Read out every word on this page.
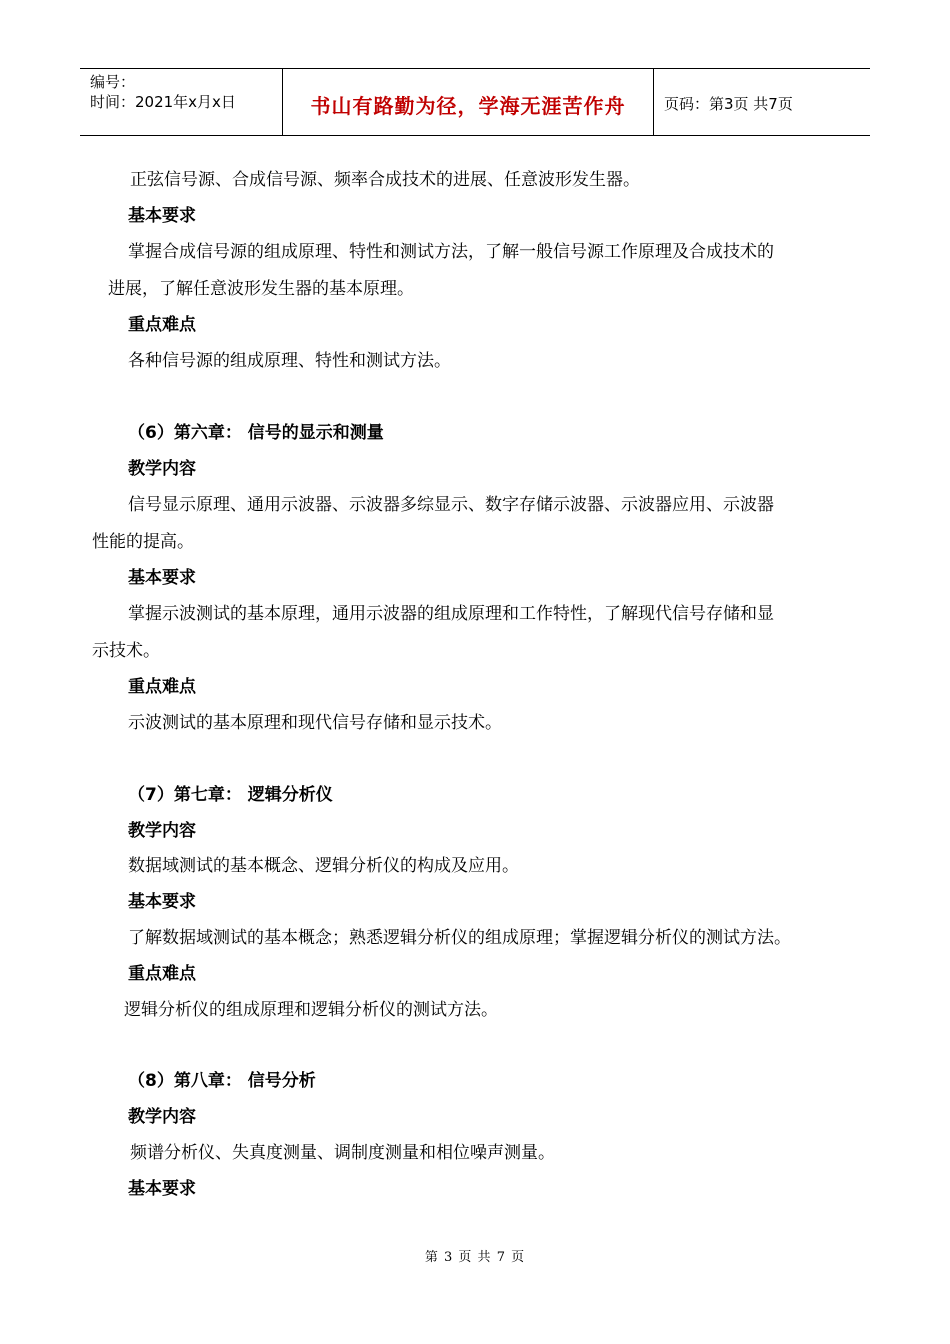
编号：
时间：2021年x月x日	书山有路勤为径，学海无涯苦作舟	页码：第3页 共7页
正弦信号源、合成信号源、频率合成技术的进展、任意波形发生器。
基本要求
掌握合成信号源的组成原理、特性和测试方法，了解一般信号源工作原理及合成技术的
进展，了解任意波形发生器的基本原理。
重点难点
各种信号源的组成原理、特性和测试方法。
（6）第六章： 信号的显示和测量
教学内容
信号显示原理、通用示波器、示波器多综显示、数字存储示波器、示波器应用、示波器
性能的提高。
基本要求
掌握示波测试的基本原理，通用示波器的组成原理和工作特性，了解现代信号存储和显
示技术。
重点难点
示波测试的基本原理和现代信号存储和显示技术。
（7）第七章： 逻辑分析仪
教学内容
数据域测试的基本概念、逻辑分析仪的构成及应用。
基本要求
了解数据域测试的基本概念；熟悉逻辑分析仪的组成原理；掌握逻辑分析仪的测试方法。
重点难点
逻辑分析仪的组成原理和逻辑分析仪的测试方法。
（8）第八章： 信号分析
教学内容
频谱分析仪、失真度测量、调制度测量和相位噪声测量。
基本要求
第 3 页 共 7 页
